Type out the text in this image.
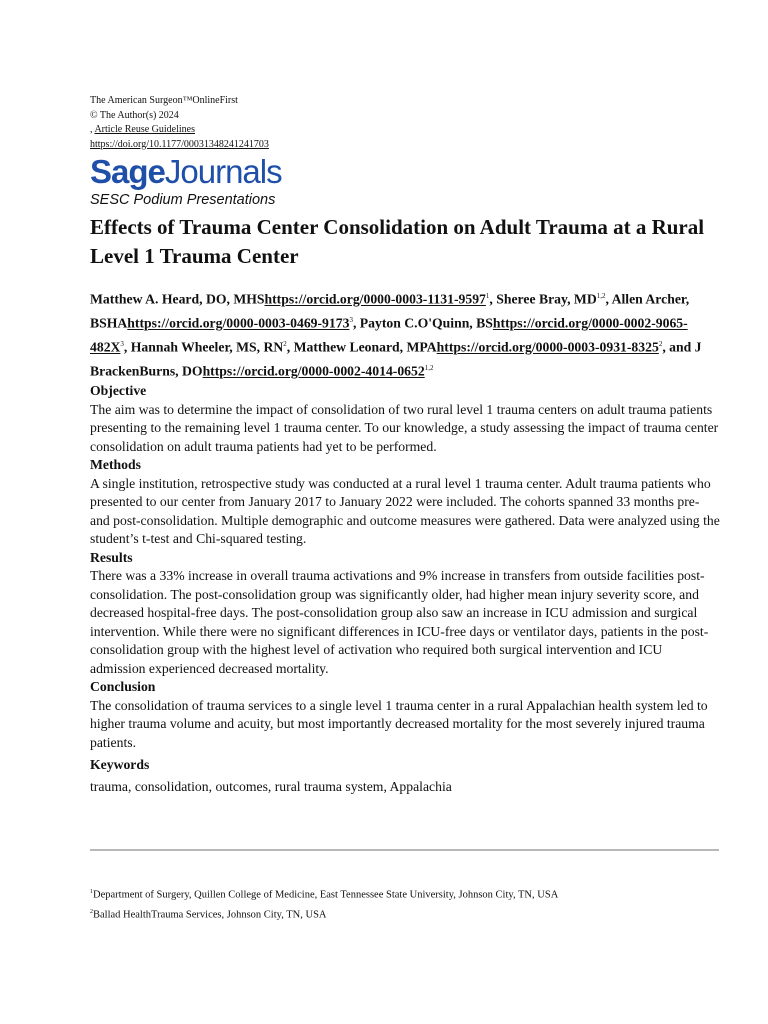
The American Surgeon™OnlineFirst
© The Author(s) 2024
, Article Reuse Guidelines
https://doi.org/10.1177/00031348241241703
SageJournals
SESC Podium Presentations
Effects of Trauma Center Consolidation on Adult Trauma at a Rural Level 1 Trauma Center
Matthew A. Heard, DO, MHShttps://orcid.org/0000-0003-1131-9597$^1$, Sheree Bray, MD$^{1,2}$, Allen Archer, BSHAhttps://orcid.org/0000-0003-0469-9173$^3$, Payton C.O'Quinn, $BShttps://orcid.org/0000-0002-9065-482X^3$, Hannah Wheeler, MS, $RN^2$, Matthew Leonard, MPAhttps://orcid.org/0000-0003-0931-8325$^2$, and J BrackenBurns, DOhttps://orcid.org/0000-0002-4014-0652$^{1,2}$
Objective
The aim was to determine the impact of consolidation of two rural level 1 trauma centers on adult trauma patients presenting to the remaining level 1 trauma center. To our knowledge, a study assessing the impact of trauma center consolidation on adult trauma patients had yet to be performed.
Methods
A single institution, retrospective study was conducted at a rural level 1 trauma center. Adult trauma patients who presented to our center from January 2017 to January 2022 were included. The cohorts spanned 33 months pre- and post-consolidation. Multiple demographic and outcome measures were gathered. Data were analyzed using the student’s t-test and Chi-squared testing.
Results
There was a 33% increase in overall trauma activations and 9% increase in transfers from outside facilities post-consolidation. The post-consolidation group was significantly older, had higher mean injury severity score, and decreased hospital-free days. The post-consolidation group also saw an increase in ICU admission and surgical intervention. While there were no significant differences in ICU-free days or ventilator days, patients in the post-consolidation group with the highest level of activation who required both surgical intervention and ICU admission experienced decreased mortality.
Conclusion
The consolidation of trauma services to a single level 1 trauma center in a rural Appalachian health system led to higher trauma volume and acuity, but most importantly decreased mortality for the most severely injured trauma patients.
Keywords
trauma, consolidation, outcomes, rural trauma system, Appalachia
$^1$Department of Surgery, Quillen College of Medicine, East Tennessee State University, Johnson City, TN, USA
$^2$Ballad HealthTrauma Services, Johnson City, TN, USA
